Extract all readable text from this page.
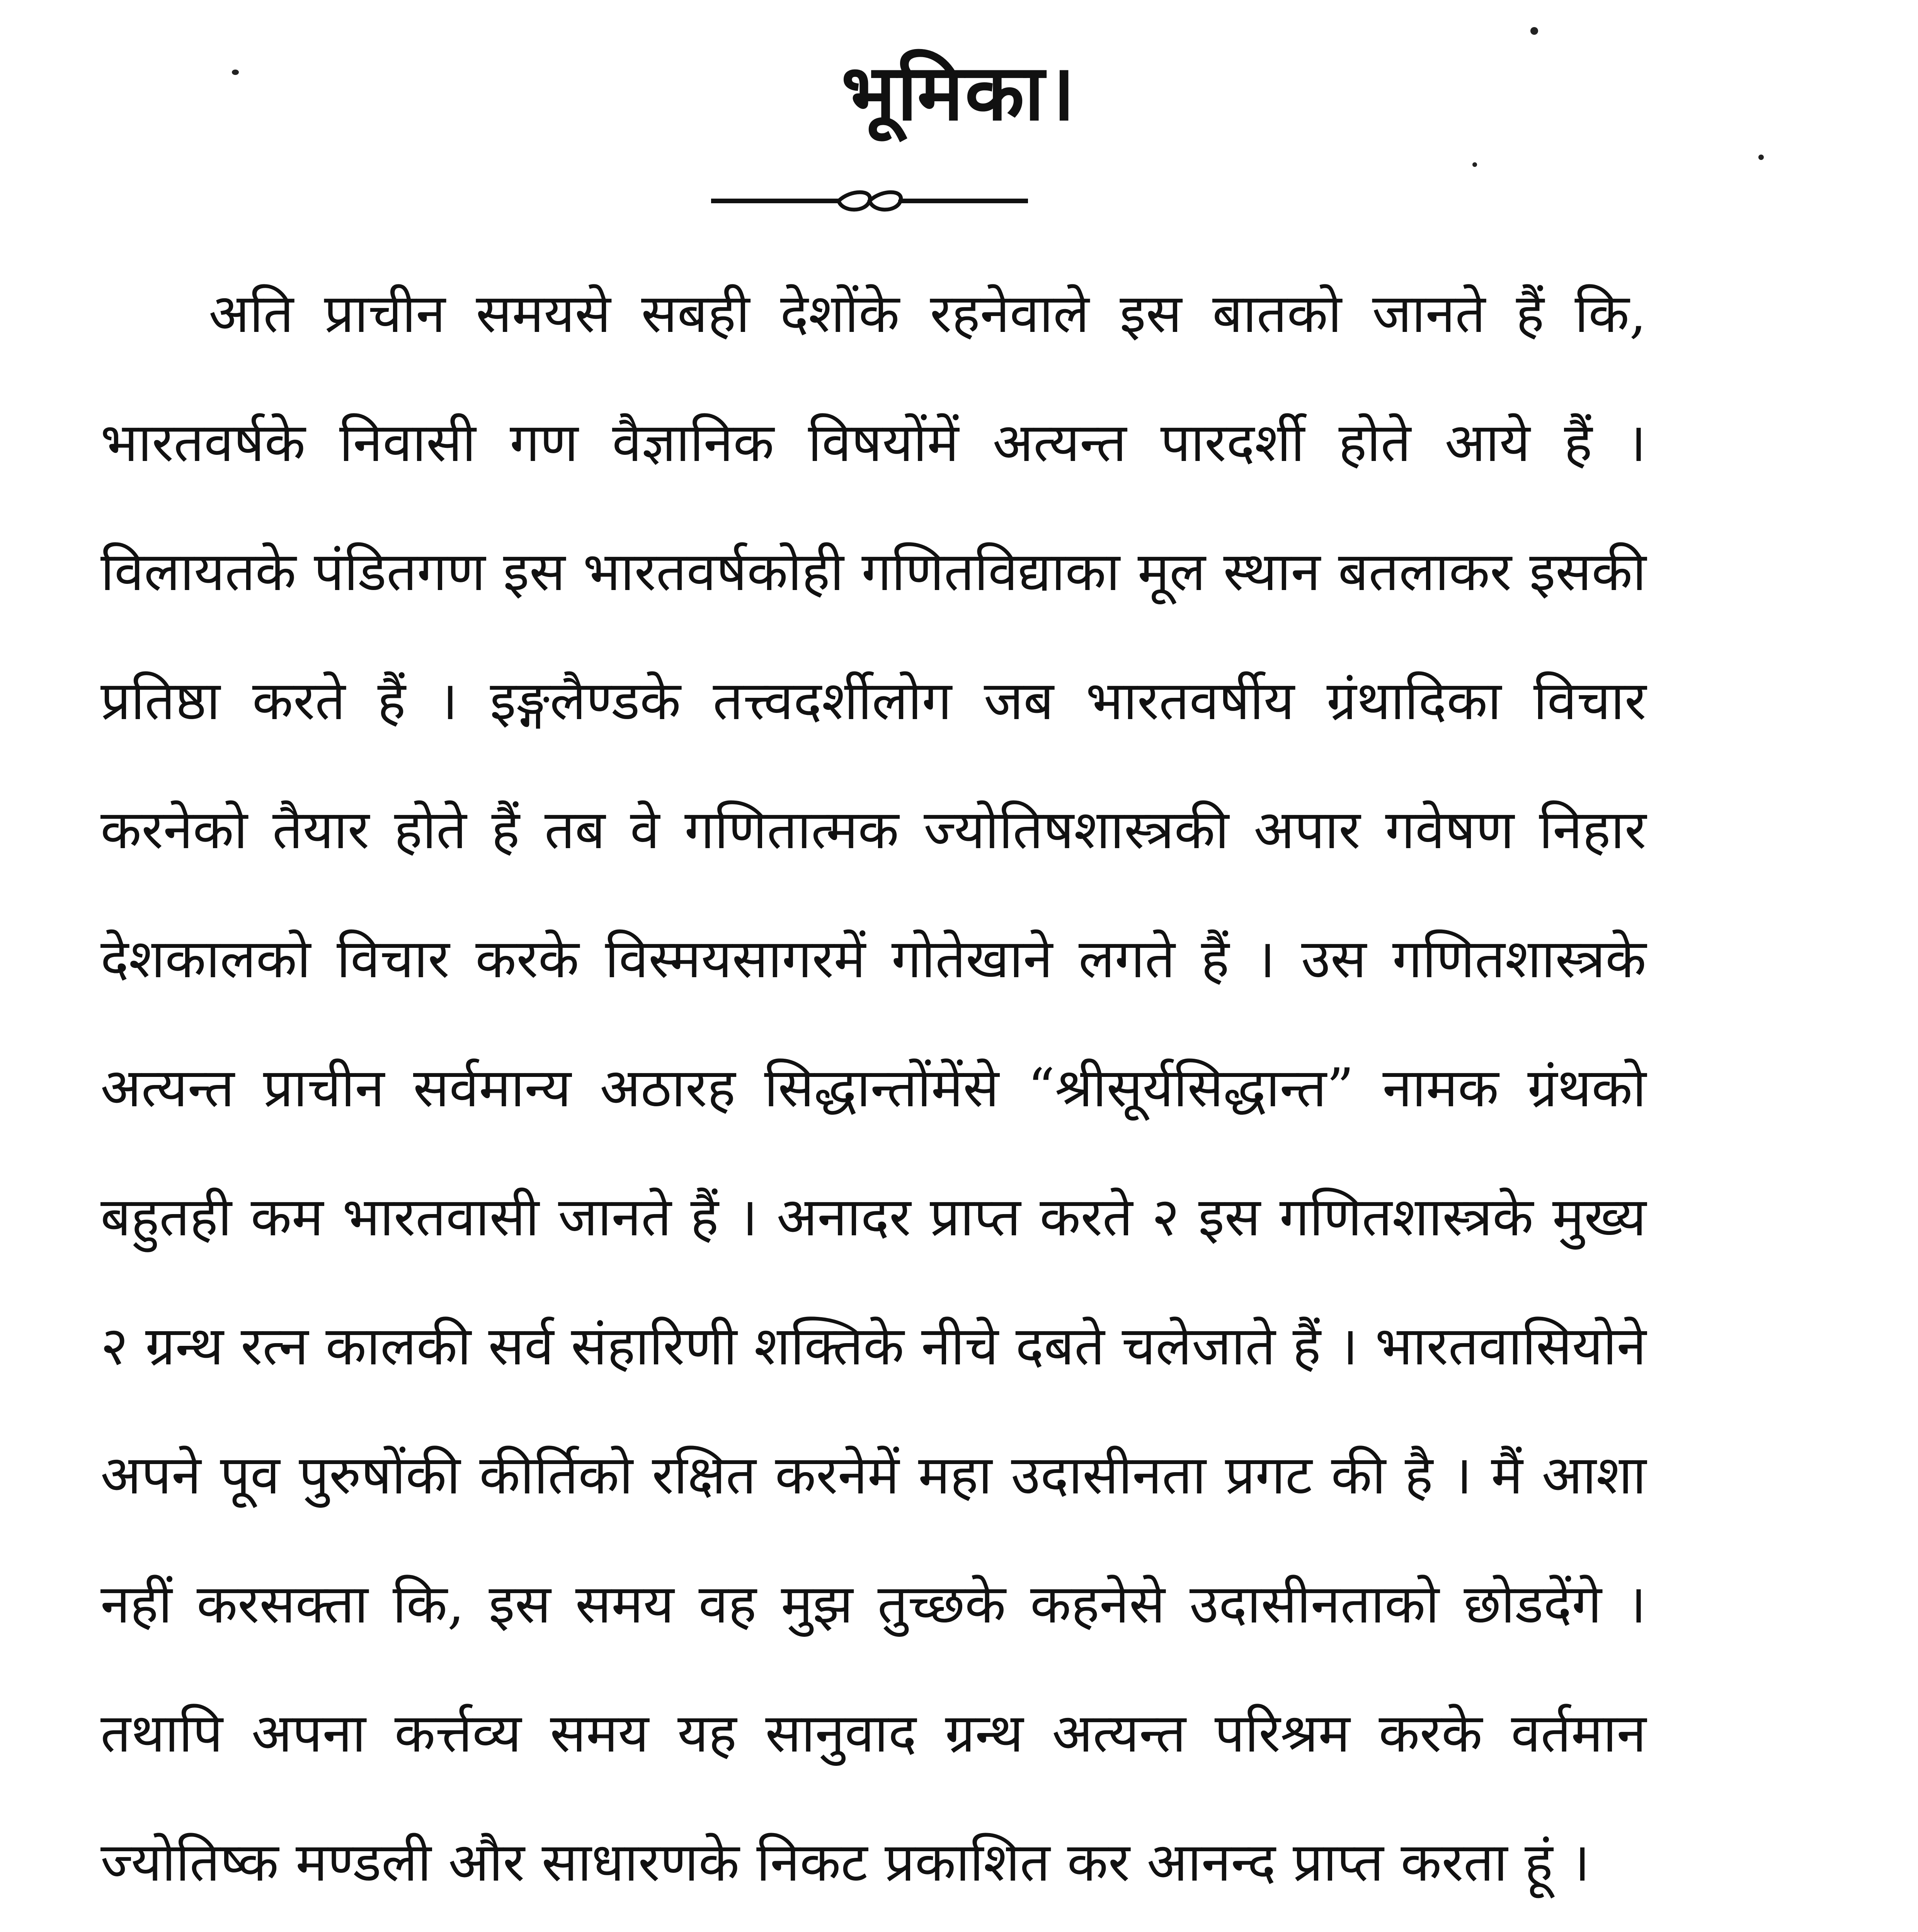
भूमिका।

अति प्राचीन समयसे सबही देशोंके रहनेवाले इस बातको जानते हैं कि, भारतवर्षके निवासी गण वैज्ञानिक विषयोंमें अत्यन्त पारदर्शी होते आये हैं । विलायतके पंडितगण इस भारतवर्षकोही गणितविद्याका मूल स्थान बतलाकर इसकी प्रतिष्ठा करते हैं । इङ्गलैण्डके तत्त्वदर्शीलोग जब भारतवर्षीय ग्रंथादिका विचार करनेको तैयार होते हैं तब वे गणितात्मक ज्योतिषशास्त्रकी अपार गवेषण निहार देशकालको विचार करके विस्मयसागरमें गोतेखाने लगते हैं । उस गणितशास्त्रके अत्यन्त प्राचीन सर्वमान्य अठारह सिद्धान्तोंमेंसे “श्रीसूर्यसिद्धान्त” नामक ग्रंथको बहुतही कम भारतवासी जानते हैं । अनादर प्राप्त करते २ इस गणितशास्त्रके मुख्य २ ग्रन्थ रत्न कालकी सर्व संहारिणी शक्तिके नीचे दबते चलेजाते हैं । भारतवासियोने अपने पूव पुरुषोंकी कीर्तिको रक्षित करनेमें महा उदासीनता प्रगट की है । मैं आशा नहीं करसक्ता कि, इस समय वह मुझ तुच्छके कहनेसे उदासीनताको छोडदेंगे । तथापि अपना कर्त्तव्य समय यह सानुवाद ग्रन्थ अत्यन्त परिश्रम करके वर्तमान ज्योतिष्क मण्डली और साधारणके निकट प्रकाशित कर आनन्द प्राप्त करता हूं ।
